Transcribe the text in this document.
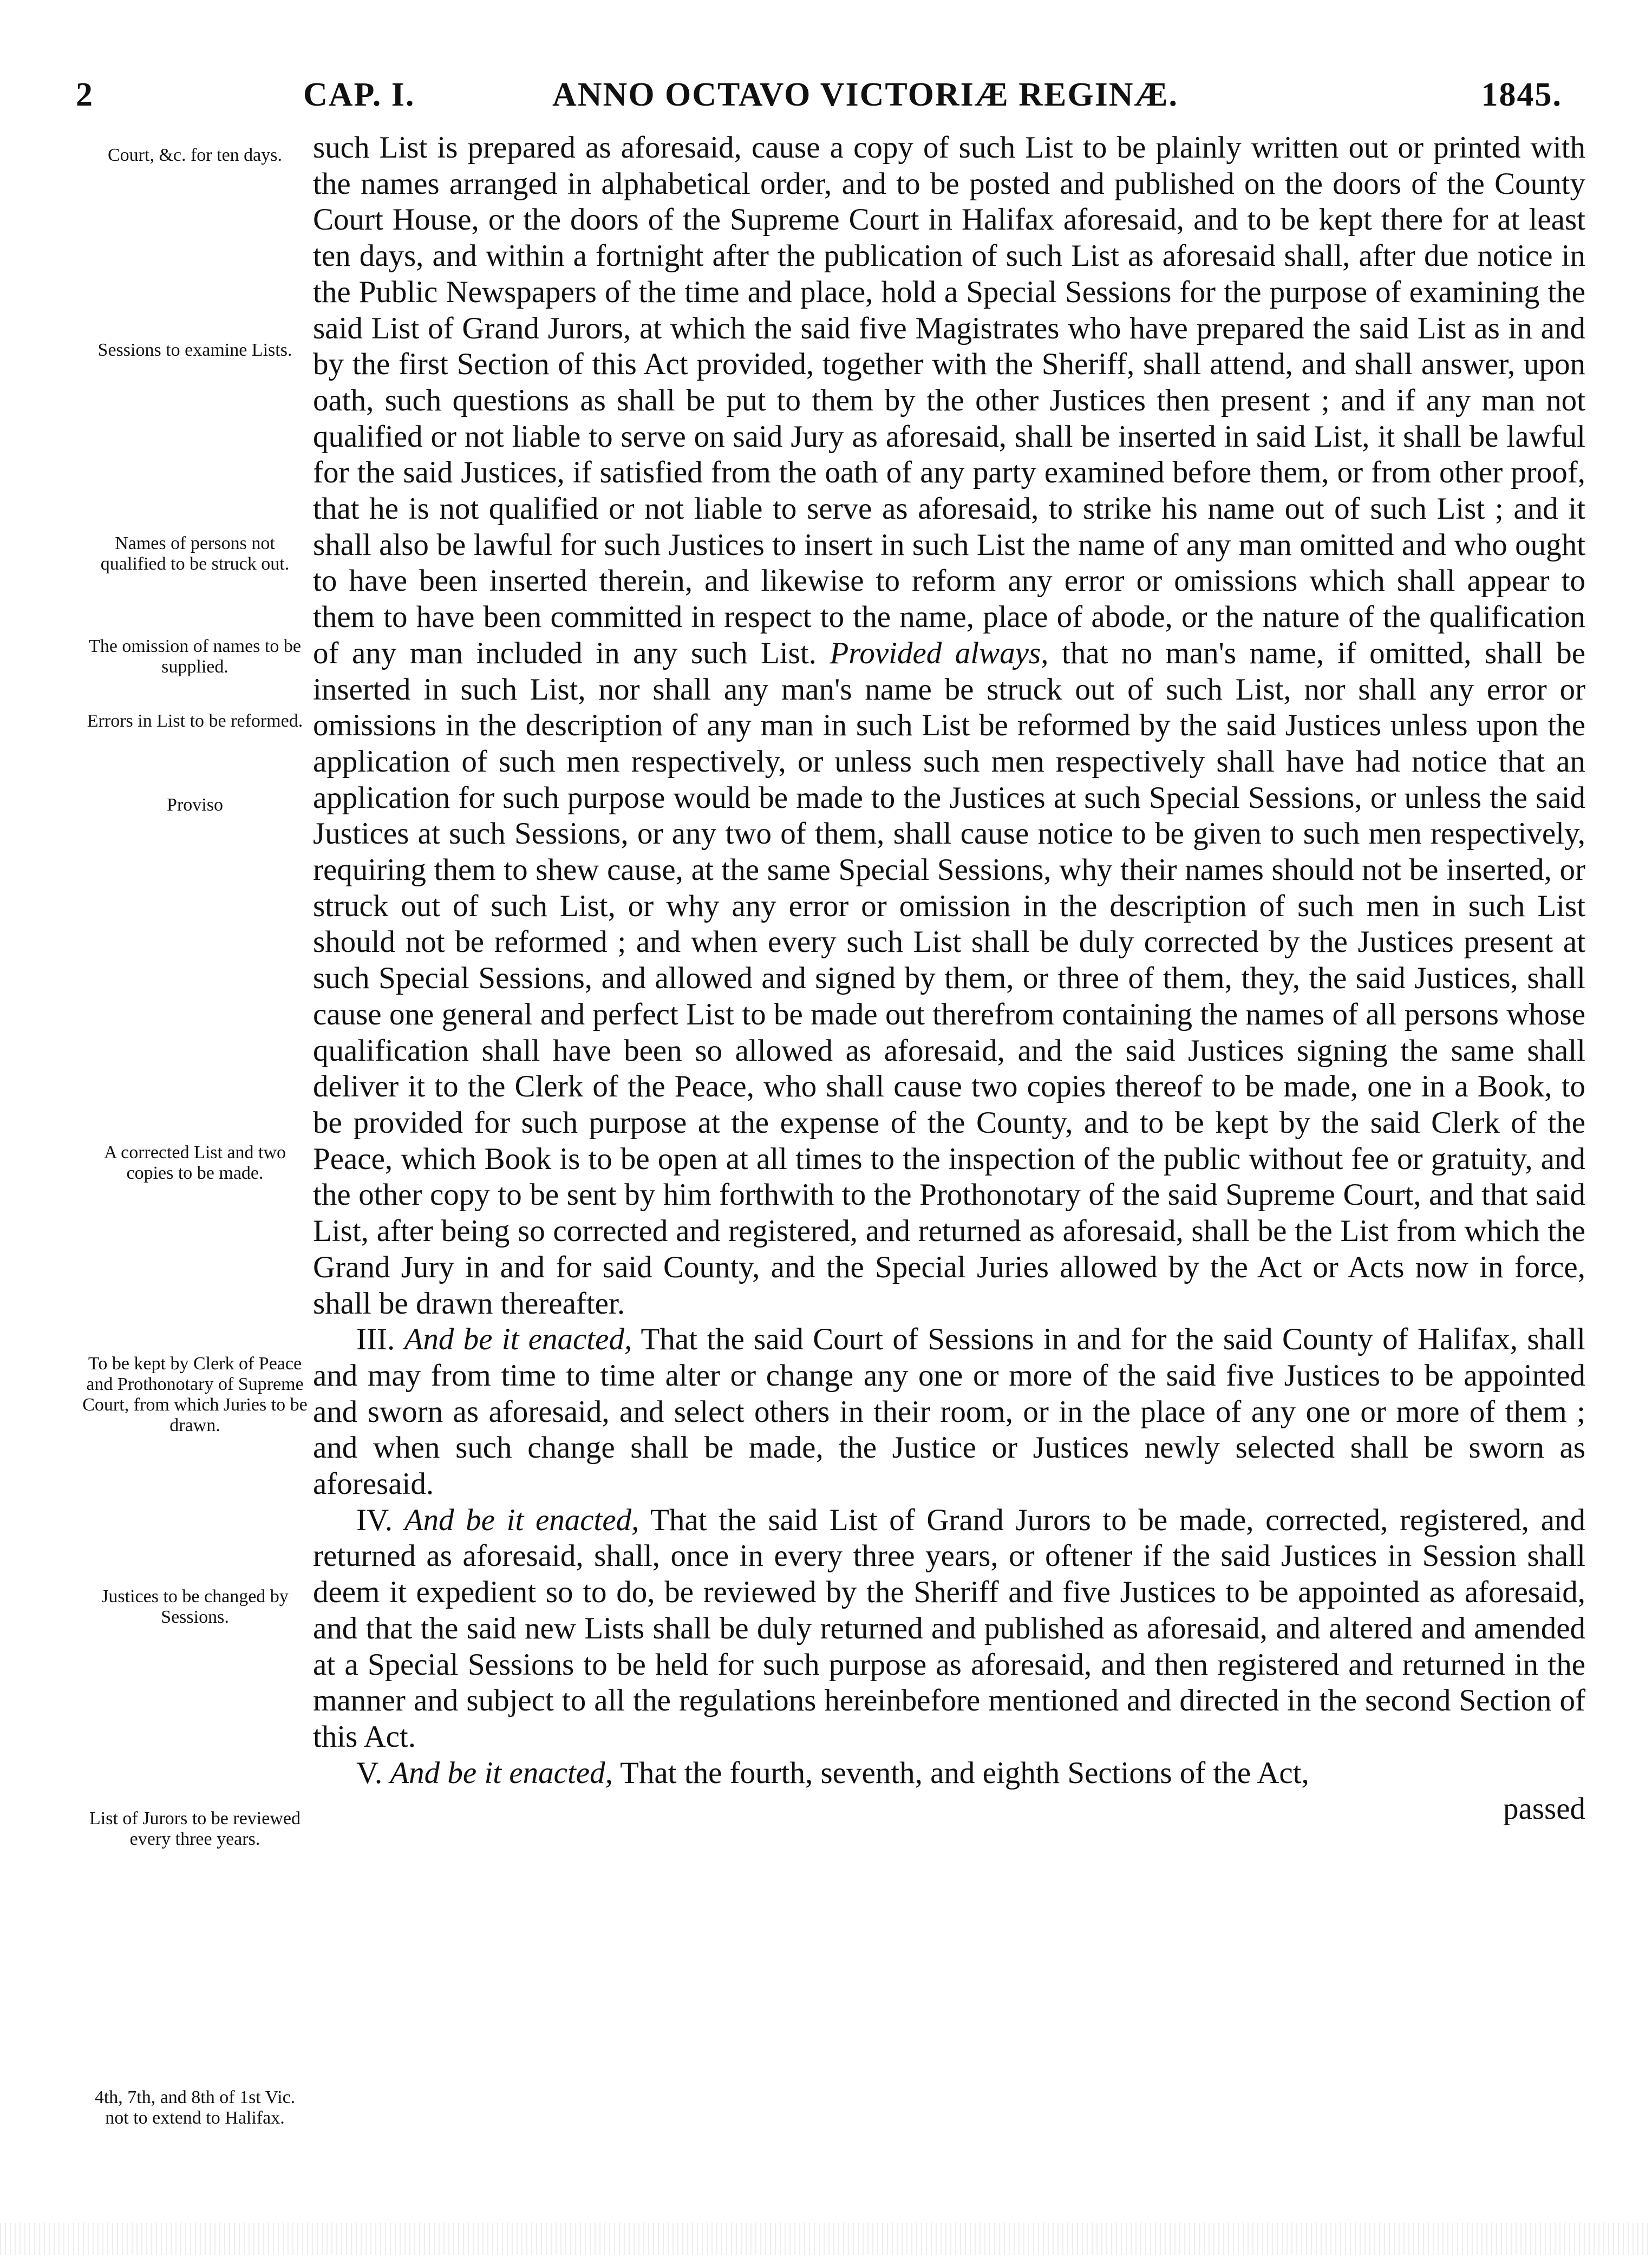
2	CAP. I.	ANNO OCTAVO VICTORIÆ REGINÆ.	1845.
Court, &c. for ten days.
Sessions to examine Lists.
Names of persons not qualified to be struck out.
The omission of names to be supplied.
Errors in List to be reformed.
Proviso
A corrected List and two copies to be made.
To be kept by Clerk of Peace and Prothonotary of Supreme Court, from which Juries to be drawn.
Justices to be changed by Sessions.
List of Jurors to be reviewed every three years.
4th, 7th, and 8th of 1st Vic. not to extend to Halifax.

such List is prepared as aforesaid, cause a copy of such List to be plainly written out or printed with the names arranged in alphabetical order, and to be posted and published on the doors of the County Court House, or the doors of the Supreme Court in Halifax aforesaid, and to be kept there for at least ten days, and within a fortnight after the publication of such List as aforesaid shall, after due notice in the Public Newspapers of the time and place, hold a Special Sessions for the purpose of examining the said List of Grand Jurors, at which the said five Magistrates who have prepared the said List as in and by the first Section of this Act provided, together with the Sheriff, shall attend, and shall answer, upon oath, such questions as shall be put to them by the other Justices then present ; and if any man not qualified or not liable to serve on said Jury as aforesaid, shall be inserted in said List, it shall be lawful for the said Justices, if satisfied from the oath of any party examined before them, or from other proof, that he is not qualified or not liable to serve as aforesaid, to strike his name out of such List ; and it shall also be lawful for such Justices to insert in such List the name of any man omitted and who ought to have been inserted therein, and likewise to reform any error or omissions which shall appear to them to have been committed in respect to the name, place of abode, or the nature of the qualification of any man included in any such List. Provided always, that no man's name, if omitted, shall be inserted in such List, nor shall any man's name be struck out of such List, nor shall any error or omissions in the description of any man in such List be reformed by the said Justices unless upon the application of such men respectively, or unless such men respectively shall have had notice that an application for such purpose would be made to the Justices at such Special Sessions, or unless the said Justices at such Sessions, or any two of them, shall cause notice to be given to such men respectively, requiring them to shew cause, at the same Special Sessions, why their names should not be inserted, or struck out of such List, or why any error or omission in the description of such men in such List should not be reformed ; and when every such List shall be duly corrected by the Justices present at such Special Sessions, and allowed and signed by them, or three of them, they, the said Justices, shall cause one general and perfect List to be made out therefrom containing the names of all persons whose qualification shall have been so allowed as aforesaid, and the said Justices signing the same shall deliver it to the Clerk of the Peace, who shall cause two copies thereof to be made, one in a Book, to be provided for such purpose at the expense of the County, and to be kept by the said Clerk of the Peace, which Book is to be open at all times to the inspection of the public without fee or gratuity, and the other copy to be sent by him forthwith to the Prothonotary of the said Supreme Court, and that said List, after being so corrected and registered, and returned as aforesaid, shall be the List from which the Grand Jury in and for said County, and the Special Juries allowed by the Act or Acts now in force, shall be drawn thereafter.

III. And be it enacted, That the said Court of Sessions in and for the said County of Halifax, shall and may from time to time alter or change any one or more of the said five Justices to be appointed and sworn as aforesaid, and select others in their room, or in the place of any one or more of them ; and when such change shall be made, the Justice or Justices newly selected shall be sworn as aforesaid.

IV. And be it enacted, That the said List of Grand Jurors to be made, corrected, registered, and returned as aforesaid, shall, once in every three years, or oftener if the said Justices in Session shall deem it expedient so to do, be reviewed by the Sheriff and five Justices to be appointed as aforesaid, and that the said new Lists shall be duly returned and published as aforesaid, and altered and amended at a Special Sessions to be held for such purpose as aforesaid, and then registered and returned in the manner and subject to all the regulations hereinbefore mentioned and directed in the second Section of this Act.

V. And be it enacted, That the fourth, seventh, and eighth Sections of the Act,

passed
